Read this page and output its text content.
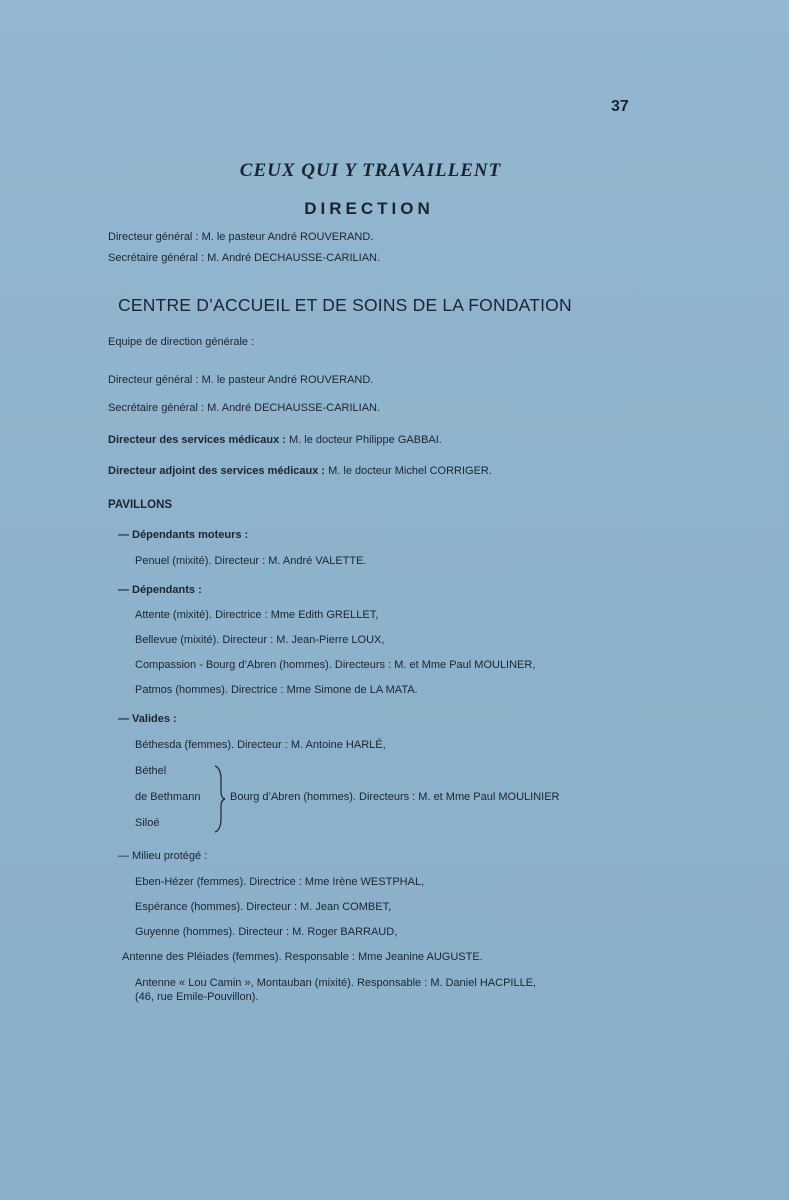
37
CEUX QUI Y TRAVAILLENT
DIRECTION
Directeur général : M. le pasteur André ROUVERAND.
Secrétaire général : M. André DECHAUSSE-CARILIAN.
CENTRE D’ACCUEIL ET DE SOINS DE LA FONDATION
Equipe de direction générale :
Directeur général : M. le pasteur André ROUVERAND.
Secrétaire général : M. André DECHAUSSE-CARILIAN.
Directeur des services médicaux : M. le docteur Philippe GABBAI.
Directeur adjoint des services médicaux : M. le docteur Michel CORRIGER.
PAVILLONS
— Dépendants moteurs :
Penuel (mixité). Directeur : M. André VALETTE.
— Dépendants :
Attente (mixité). Directrice : Mme Edith GRELLET,
Bellevue (mixité). Directeur : M. Jean-Pierre LOUX,
Compassion - Bourg d’Abren (hommes). Directeurs : M. et Mme Paul MOULINER,
Patmos (hommes). Directrice : Mme Simone de LA MATA.
— Valides :
Béthesda (femmes). Directeur : M. Antoine HARLÉ,
Béthel
de Bethmann
Siloé
Bourg d’Abren (hommes). Directeurs : M. et Mme Paul MOULINIER
— Milieu protégé :
Eben-Hézer (femmes). Directrice : Mme Irène WESTPHAL,
Espérance (hommes). Directeur : M. Jean COMBET,
Guyenne (hommes). Directeur : M. Roger BARRAUD,
Antenne des Pléiades (femmes). Responsable : Mme Jeanine AUGUSTE.
Antenne « Lou Camin », Montauban (mixité). Responsable : M. Daniel HACPILLE,
(46, rue Emile-Pouvillon).
